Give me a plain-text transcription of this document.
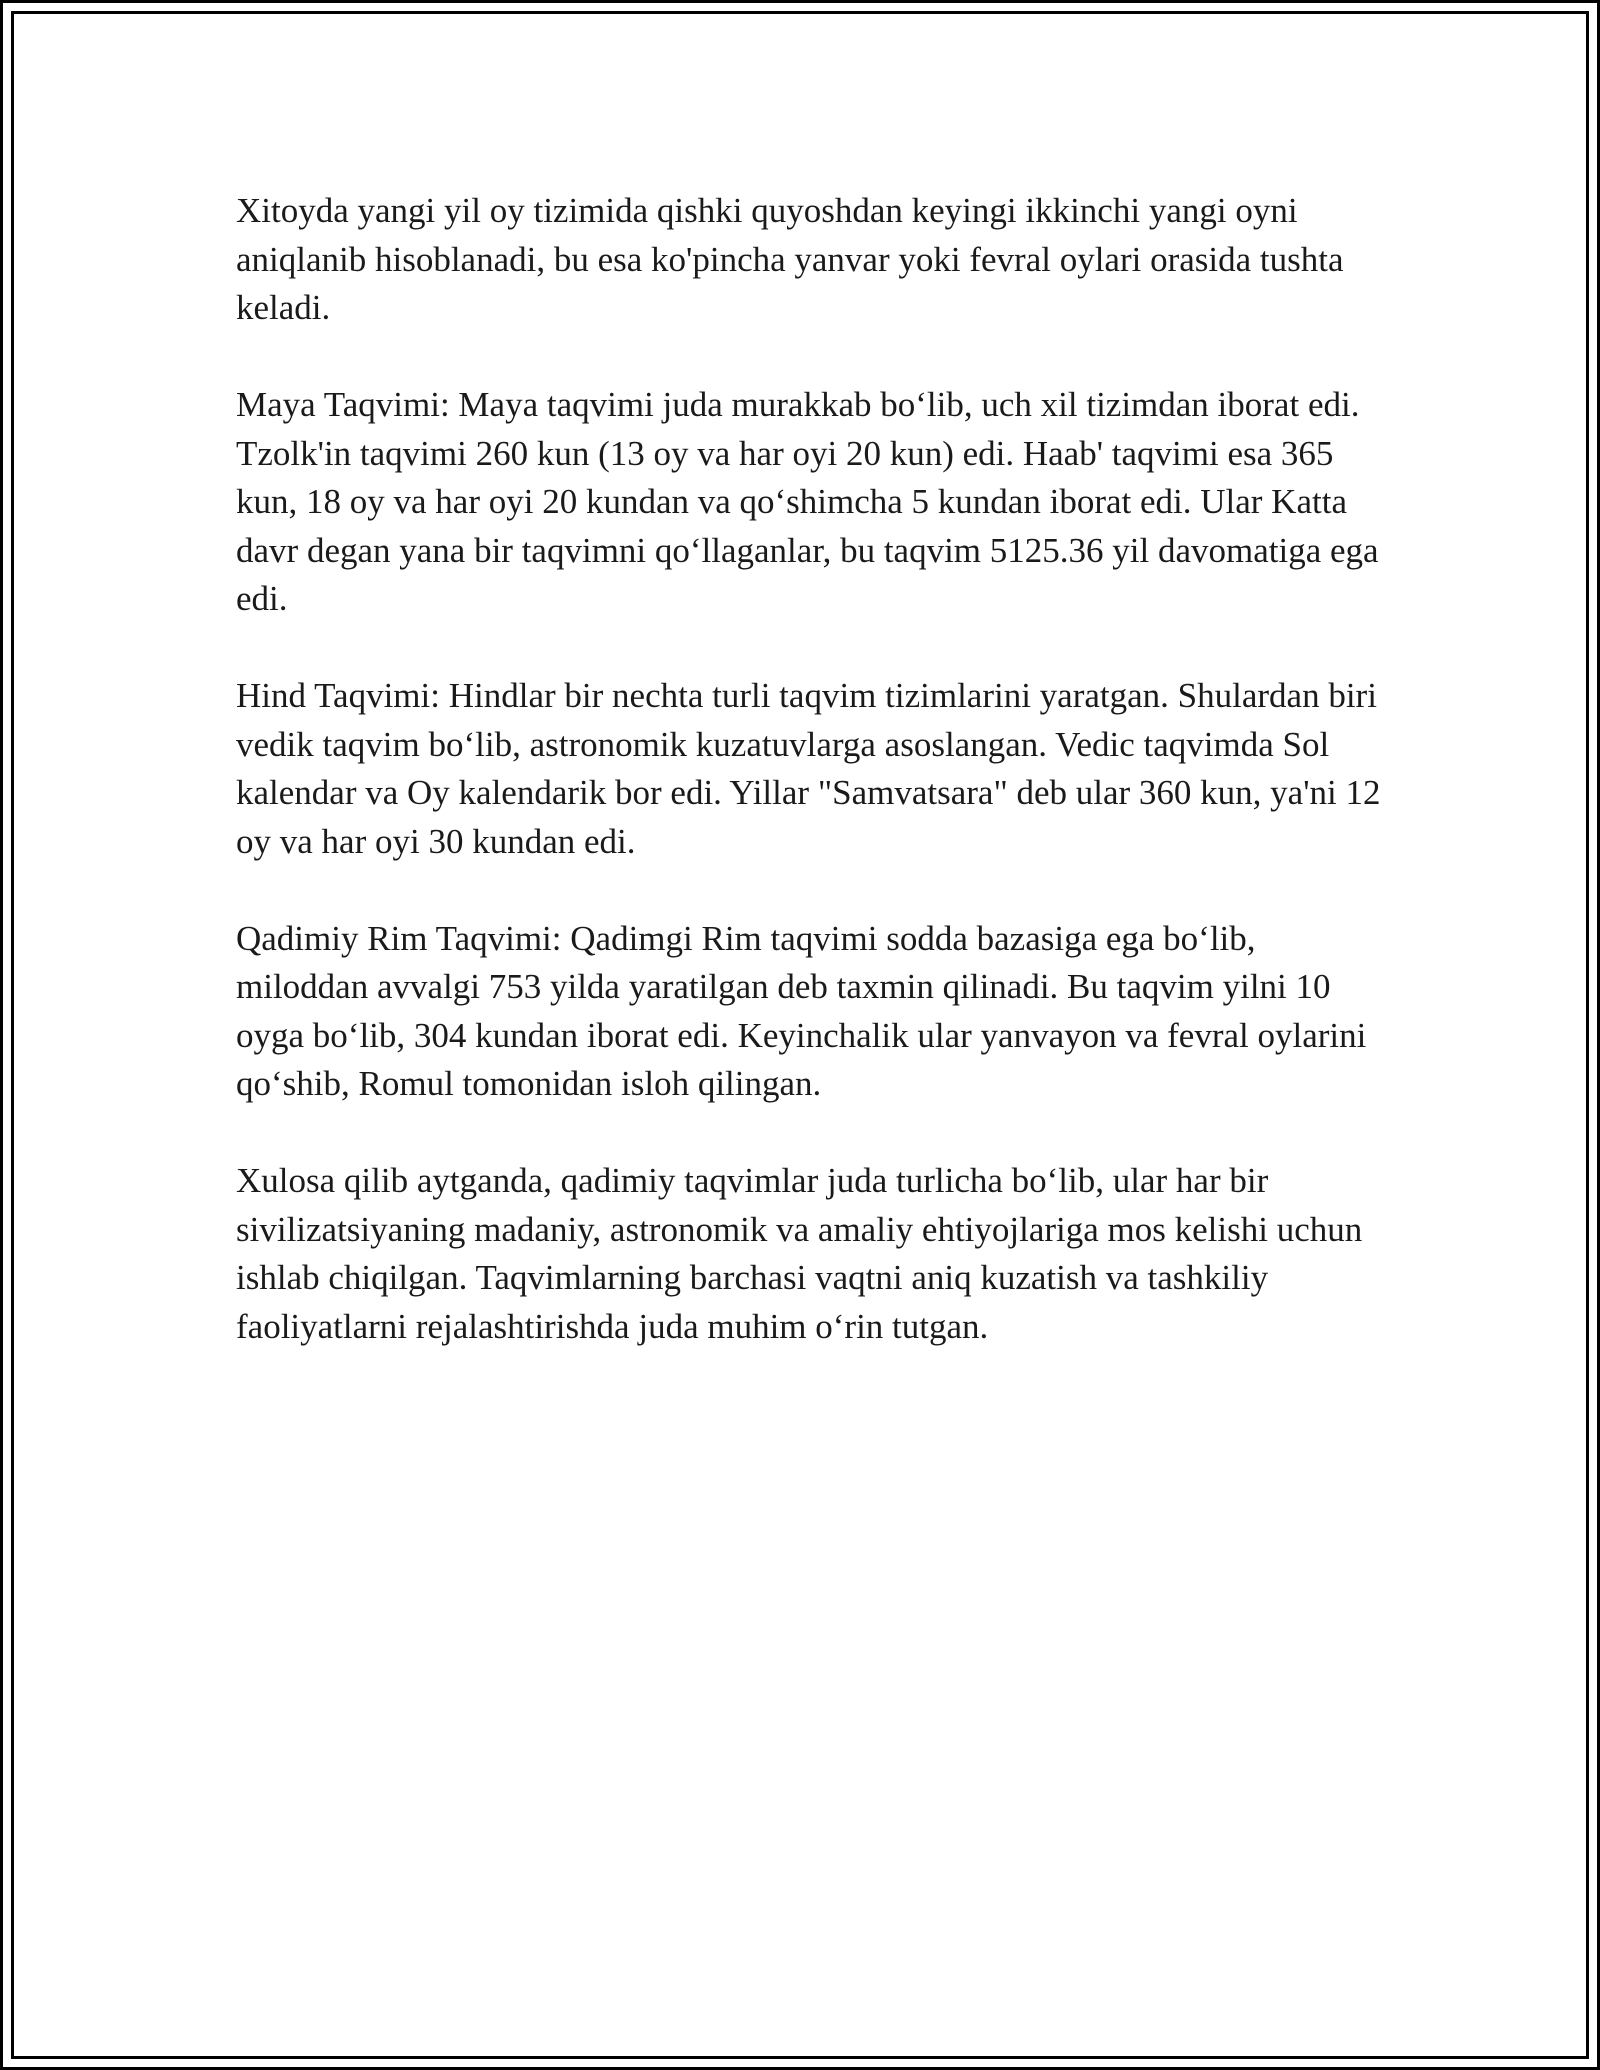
Xitoyda yangi yil oy tizimida qishki quyoshdan keyingi ikkinchi yangi oyni aniqlanib hisoblanadi, bu esa ko'pincha yanvar yoki fevral oylari orasida tushta keladi.

Maya Taqvimi: Maya taqvimi juda murakkab bo‘lib, uch xil tizimdan iborat edi. Tzolk'in taqvimi 260 kun (13 oy va har oyi 20 kun) edi. Haab' taqvimi esa 365 kun, 18 oy va har oyi 20 kundan va qo‘shimcha 5 kundan iborat edi. Ular Katta davr degan yana bir taqvimni qo‘llaganlar, bu taqvim 5125.36 yil davomatiga ega edi.

Hind Taqvimi: Hindlar bir nechta turli taqvim tizimlarini yaratgan. Shulardan biri vedik taqvim bo‘lib, astronomik kuzatuvlarga asoslangan. Vedic taqvimda Sol kalendar va Oy kalendarik bor edi. Yillar "Samvatsara" deb ular 360 kun, ya'ni 12 oy va har oyi 30 kundan edi.

Qadimiy Rim Taqvimi: Qadimgi Rim taqvimi sodda bazasiga ega bo‘lib, miloddan avvalgi 753 yilda yaratilgan deb taxmin qilinadi. Bu taqvim yilni 10 oyga bo‘lib, 304 kundan iborat edi. Keyinchalik ular yanvayon va fevral oylarini qo‘shib, Romul tomonidan isloh qilingan.

Xulosa qilib aytganda, qadimiy taqvimlar juda turlicha bo‘lib, ular har bir sivilizatsiyaning madaniy, astronomik va amaliy ehtiyojlariga mos kelishi uchun ishlab chiqilgan. Taqvimlarning barchasi vaqtni aniq kuzatish va tashkiliy faoliyatlarni rejalashtirishda juda muhim o‘rin tutgan.
